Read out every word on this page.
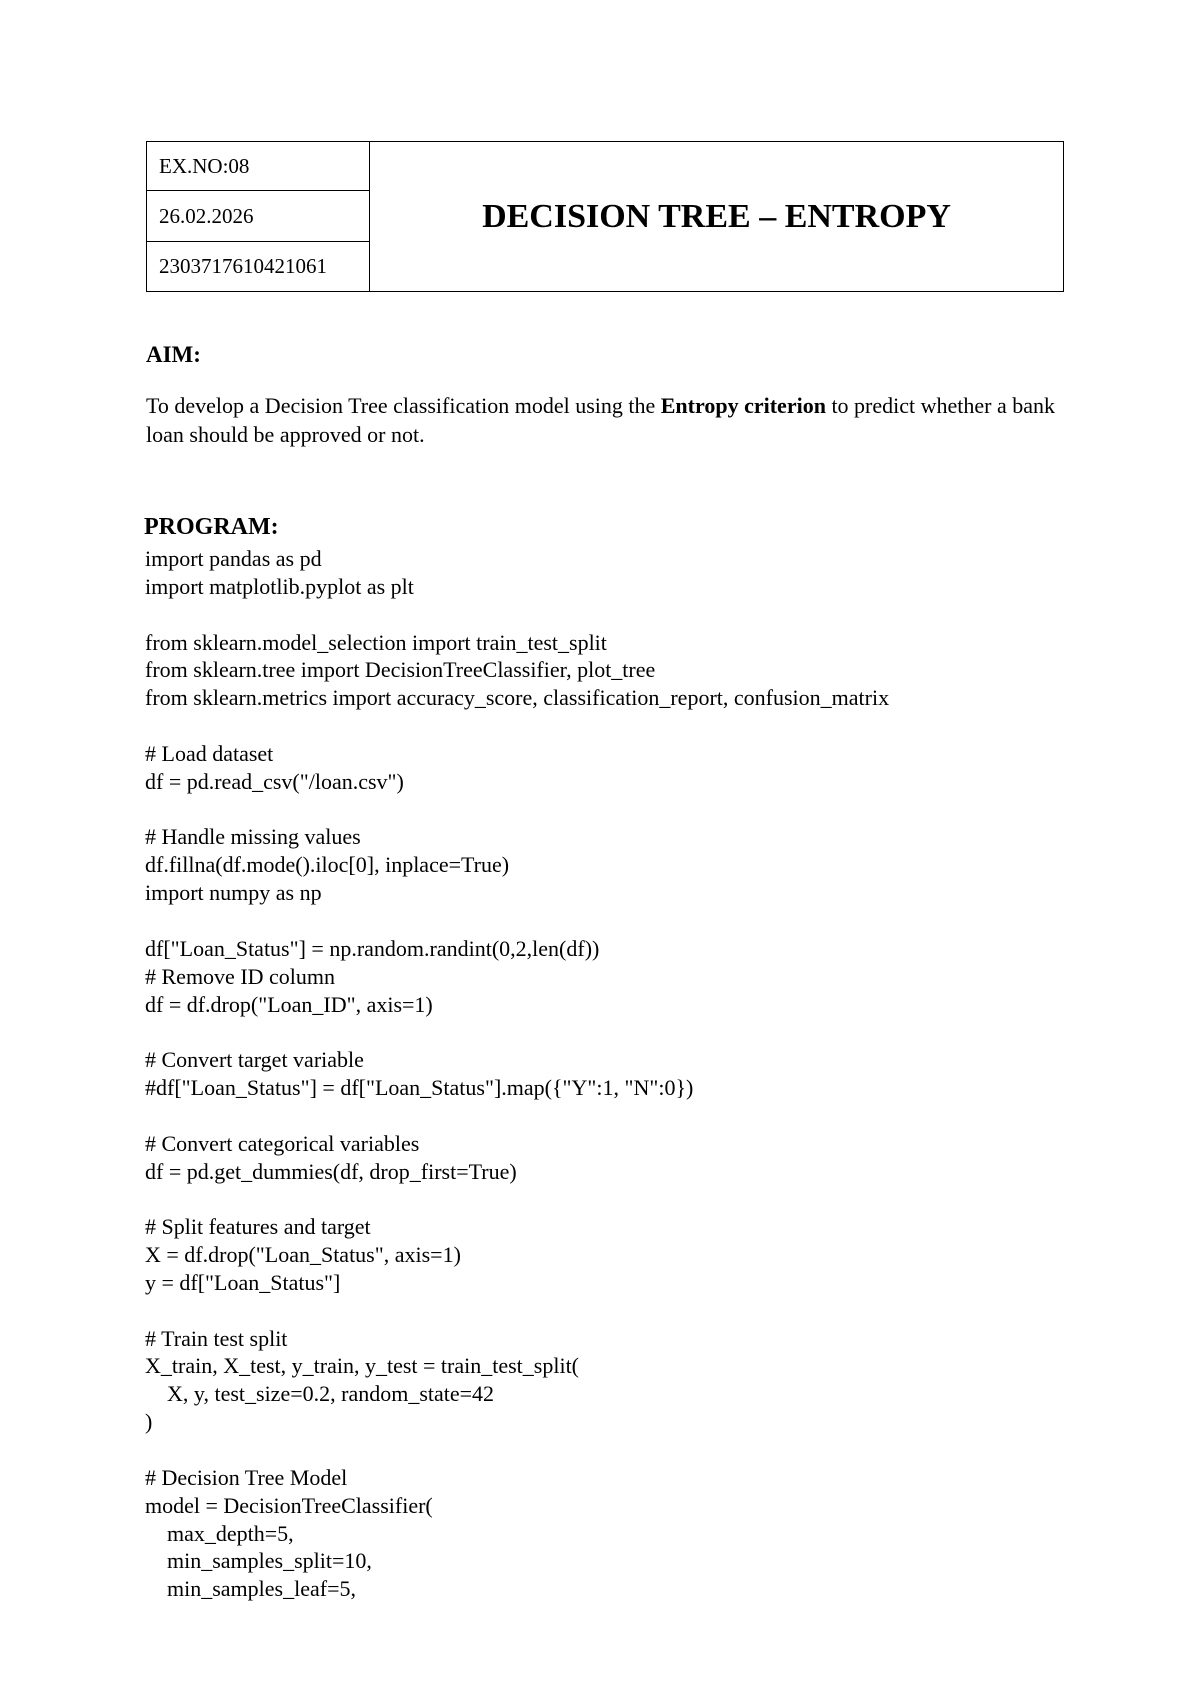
EX.NO:08	DECISION TREE – ENTROPY
26.02.2026
2303717610421061
AIM:

To develop a Decision Tree classification model using the Entropy criterion to predict whether a bank loan should be approved or not.

PROGRAM:
import pandas as pd
import matplotlib.pyplot as plt
from sklearn.model_selection import train_test_split
from sklearn.tree import DecisionTreeClassifier, plot_tree
from sklearn.metrics import accuracy_score, classification_report, confusion_matrix
# Load dataset
df = pd.read_csv("/loan.csv")
# Handle missing values
df.fillna(df.mode().iloc[0], inplace=True)
import numpy as np
df["Loan_Status"] = np.random.randint(0,2,len(df))
# Remove ID column
df = df.drop("Loan_ID", axis=1)
# Convert target variable
#df["Loan_Status"] = df["Loan_Status"].map({"Y":1, "N":0})
# Convert categorical variables
df = pd.get_dummies(df, drop_first=True)
# Split features and target
X = df.drop("Loan_Status", axis=1)
y = df["Loan_Status"]
# Train test split
X_train, X_test, y_train, y_test = train_test_split(
X, y, test_size=0.2, random_state=42
)
# Decision Tree Model
model = DecisionTreeClassifier(
max_depth=5,
min_samples_split=10,
min_samples_leaf=5,
